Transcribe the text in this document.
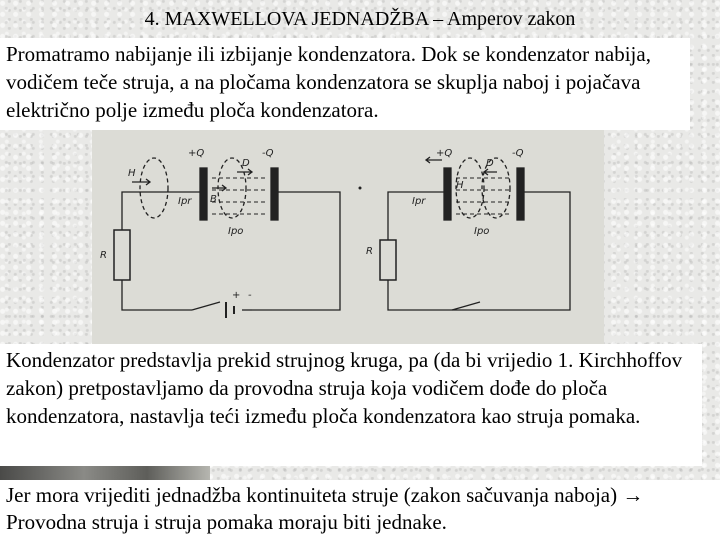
4. MAXWELLOVA JEDNADŽBA – Amperov zakon
Promatramo nabijanje ili izbijanje kondenzatora. Dok se kondenzator nabija, vodičem teče struja, a na pločama kondenzatora se skuplja naboj i pojačava električno polje između ploča kondenzatora.
+Q	-Q
H
D
B
Ipr
Ipo
R
+ -
+Q	-Q
H
D
Ipr
Ipo
R
Kondenzator predstavlja prekid strujnog kruga, pa (da bi vrijedio 1. Kirchhoffov zakon) pretpostavljamo da provodna struja koja vodičem dođe do ploča kondenzatora, nastavlja teći između ploča kondenzatora kao struja pomaka.
Jer mora vrijediti jednadžba kontinuiteta struje (zakon sačuvanja naboja) → Provodna struja i struja pomaka moraju biti jednake.
